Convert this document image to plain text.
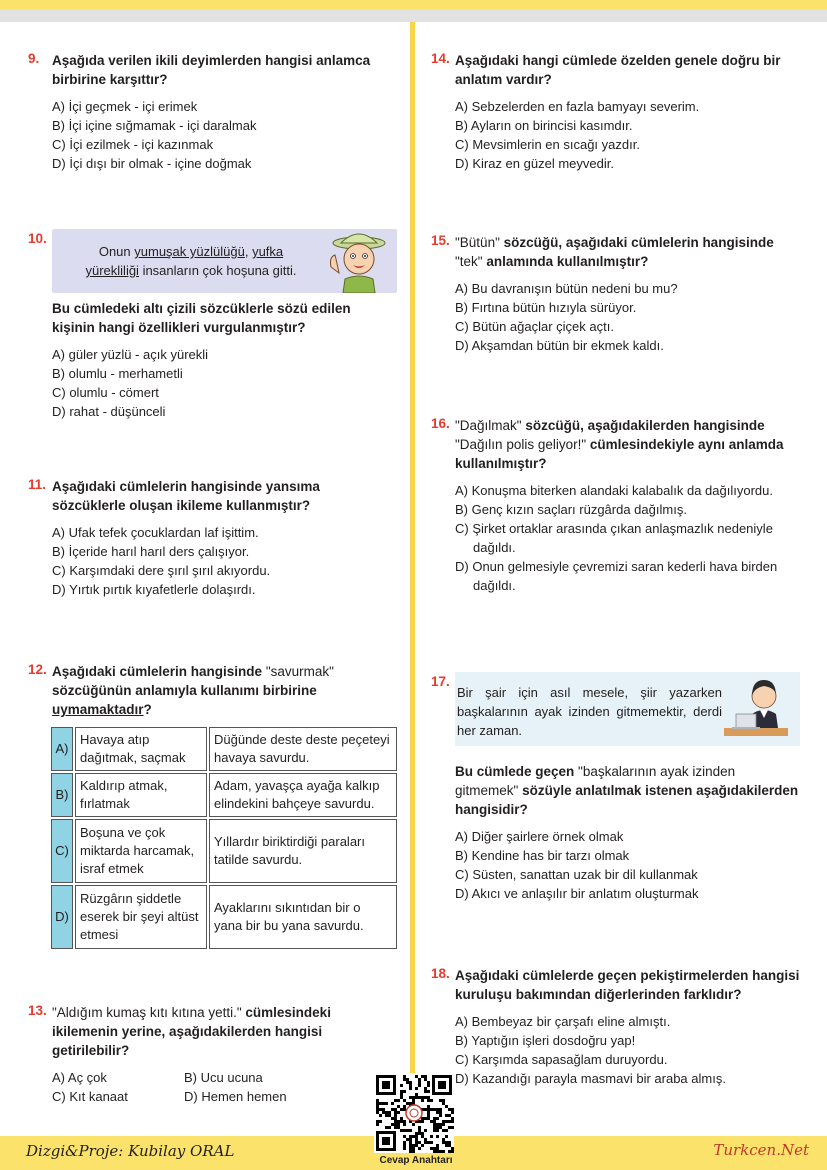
9. Aşağıda verilen ikili deyimlerden hangisi anlamca birbirine karşıttır?
A) İçi geçmek - içi erimek
B) İçi içine sığmamak - içi daralmak
C) İçi ezilmek - içi kazınmak
D) İçi dışı bir olmak - içine doğmak
10.
Onun yumuşak yüzlülüğü, yufka
yürekliliği insanların çok hoşuna gitti.
Bu cümledeki altı çizili sözcüklerle sözü edilen kişinin hangi özellikleri vurgulanmıştır?
A) güler yüzlü - açık yürekli
B) olumlu - merhametli
C) olumlu - cömert
D) rahat - düşünceli
11. Aşağıdaki cümlelerin hangisinde yansıma sözcüklerle oluşan ikileme kullanmıştır?
A) Ufak tefek çocuklardan laf işittim.
B) İçeride harıl harıl ders çalışıyor.
C) Karşımdaki dere şırıl şırıl akıyordu.
D) Yırtık pırtık kıyafetlerle dolaşırdı.
12. Aşağıdaki cümlelerin hangisinde "savurmak" sözcüğünün anlamıyla kullanımı birbirine uymamaktadır?
A)	Havaya atıp dağıtmak, saçmak	Düğünde deste deste peçeteyi havaya savurdu.
B)	Kaldırıp atmak, fırlatmak	Adam, yavaşça ayağa kalkıp elindekini bahçeye savurdu.
C)	Boşuna ve çok miktarda harcamak, israf etmek	Yıllardır biriktirdiği paraları tatilde savurdu.
D)	Rüzgârın şiddetle eserek bir şeyi altüst etmesi	Ayaklarını sıkıntıdan bir o yana bir bu yana savurdu.
13. "Aldığım kumaş kıtı kıtına yetti." cümlesindeki ikilemenin yerine, aşağıdakilerden hangisi getirilebilir?
A) Aç çok	B) Ucu ucuna
C) Kıt kanaat	D) Hemen hemen
14. Aşağıdaki hangi cümlede özelden genele doğru bir anlatım vardır?
A) Sebzelerden en fazla bamyayı severim.
B) Ayların on birincisi kasımdır.
C) Mevsimlerin en sıcağı yazdır.
D) Kiraz en güzel meyvedir.
15. "Bütün" sözcüğü, aşağıdaki cümlelerin hangisinde "tek" anlamında kullanılmıştır?
A) Bu davranışın bütün nedeni bu mu?
B) Fırtına bütün hızıyla sürüyor.
C) Bütün ağaçlar çiçek açtı.
D) Akşamdan bütün bir ekmek kaldı.
16. "Dağılmak" sözcüğü, aşağıdakilerden hangisinde "Dağılın polis geliyor!" cümlesindekiyle aynı anlamda kullanılmıştır?
A) Konuşma biterken alandaki kalabalık da dağılıyordu.
B) Genç kızın saçları rüzgârda dağılmış.
C) Şirket ortaklar arasında çıkan anlaşmazlık nedeniyle dağıldı.
D) Onun gelmesiyle çevremizi saran kederli hava birden dağıldı.
17.
Bir şair için asıl mesele, şiir yazarken başkalarının ayak izinden gitmemektir, derdi her zaman.
Bu cümlede geçen "başkalarının ayak izinden gitmemek" sözüyle anlatılmak istenen aşağıdakilerden hangisidir?
A) Diğer şairlere örnek olmak
B) Kendine has bir tarzı olmak
C) Süsten, sanattan uzak bir dil kullanmak
D) Akıcı ve anlaşılır bir anlatım oluşturmak
18. Aşağıdaki cümlelerde geçen pekiştirmelerden hangisi kuruluşu bakımından diğerlerinden farklıdır?
A) Bembeyaz bir çarşafı eline almıştı.
B) Yaptığın işleri dosdoğru yap!
C) Karşımda sapasağlam duruyordu.
D) Kazandığı parayla masmavi bir araba almış.
Dizgi&Proje: Kubilay ORAL	Turkcen.Net
Cevap Anahtarı
